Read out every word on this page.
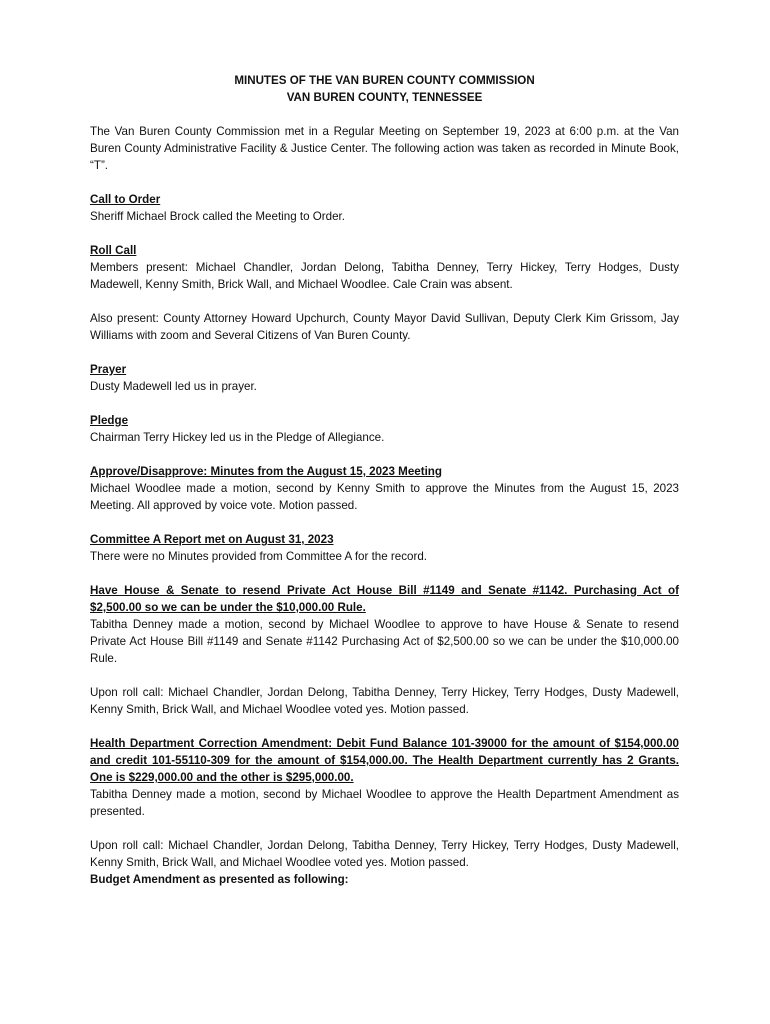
MINUTES OF THE VAN BUREN COUNTY COMMISSION
VAN BUREN COUNTY, TENNESSEE

The Van Buren County Commission met in a Regular Meeting on September 19, 2023 at 6:00 p.m. at the Van Buren County Administrative Facility & Justice Center. The following action was taken as recorded in Minute Book, “T”.

Call to Order
Sheriff Michael Brock called the Meeting to Order.
Roll Call
Members present: Michael Chandler, Jordan Delong, Tabitha Denney, Terry Hickey, Terry Hodges, Dusty Madewell, Kenny Smith, Brick Wall, and Michael Woodlee. Cale Crain was absent.

Also present: County Attorney Howard Upchurch, County Mayor David Sullivan, Deputy Clerk Kim Grissom, Jay Williams with zoom and Several Citizens of Van Buren County.

Prayer
Dusty Madewell led us in prayer.
Pledge
Chairman Terry Hickey led us in the Pledge of Allegiance.
Approve/Disapprove: Minutes from the August 15, 2023 Meeting
Michael Woodlee made a motion, second by Kenny Smith to approve the Minutes from the August 15, 2023 Meeting. All approved by voice vote. Motion passed.
Committee A Report met on August 31, 2023
There were no Minutes provided from Committee A for the record.
Have House & Senate to resend Private Act House Bill #1149 and Senate #1142. Purchasing Act of $2,500.00 so we can be under the $10,000.00 Rule.
Tabitha Denney made a motion, second by Michael Woodlee to approve to have House & Senate to resend Private Act House Bill #1149 and Senate #1142 Purchasing Act of $2,500.00 so we can be under the $10,000.00 Rule.

Upon roll call: Michael Chandler, Jordan Delong, Tabitha Denney, Terry Hickey, Terry Hodges, Dusty Madewell, Kenny Smith, Brick Wall, and Michael Woodlee voted yes. Motion passed.

Health Department Correction Amendment: Debit Fund Balance 101-39000 for the amount of $154,000.00 and credit 101-55110-309 for the amount of $154,000.00. The Health Department currently has 2 Grants. One is $229,000.00 and the other is $295,000.00.
Tabitha Denney made a motion, second by Michael Woodlee to approve the Health Department Amendment as presented.
Upon roll call: Michael Chandler, Jordan Delong, Tabitha Denney, Terry Hickey, Terry Hodges, Dusty Madewell, Kenny Smith, Brick Wall, and Michael Woodlee voted yes. Motion passed.
Budget Amendment as presented as following:
